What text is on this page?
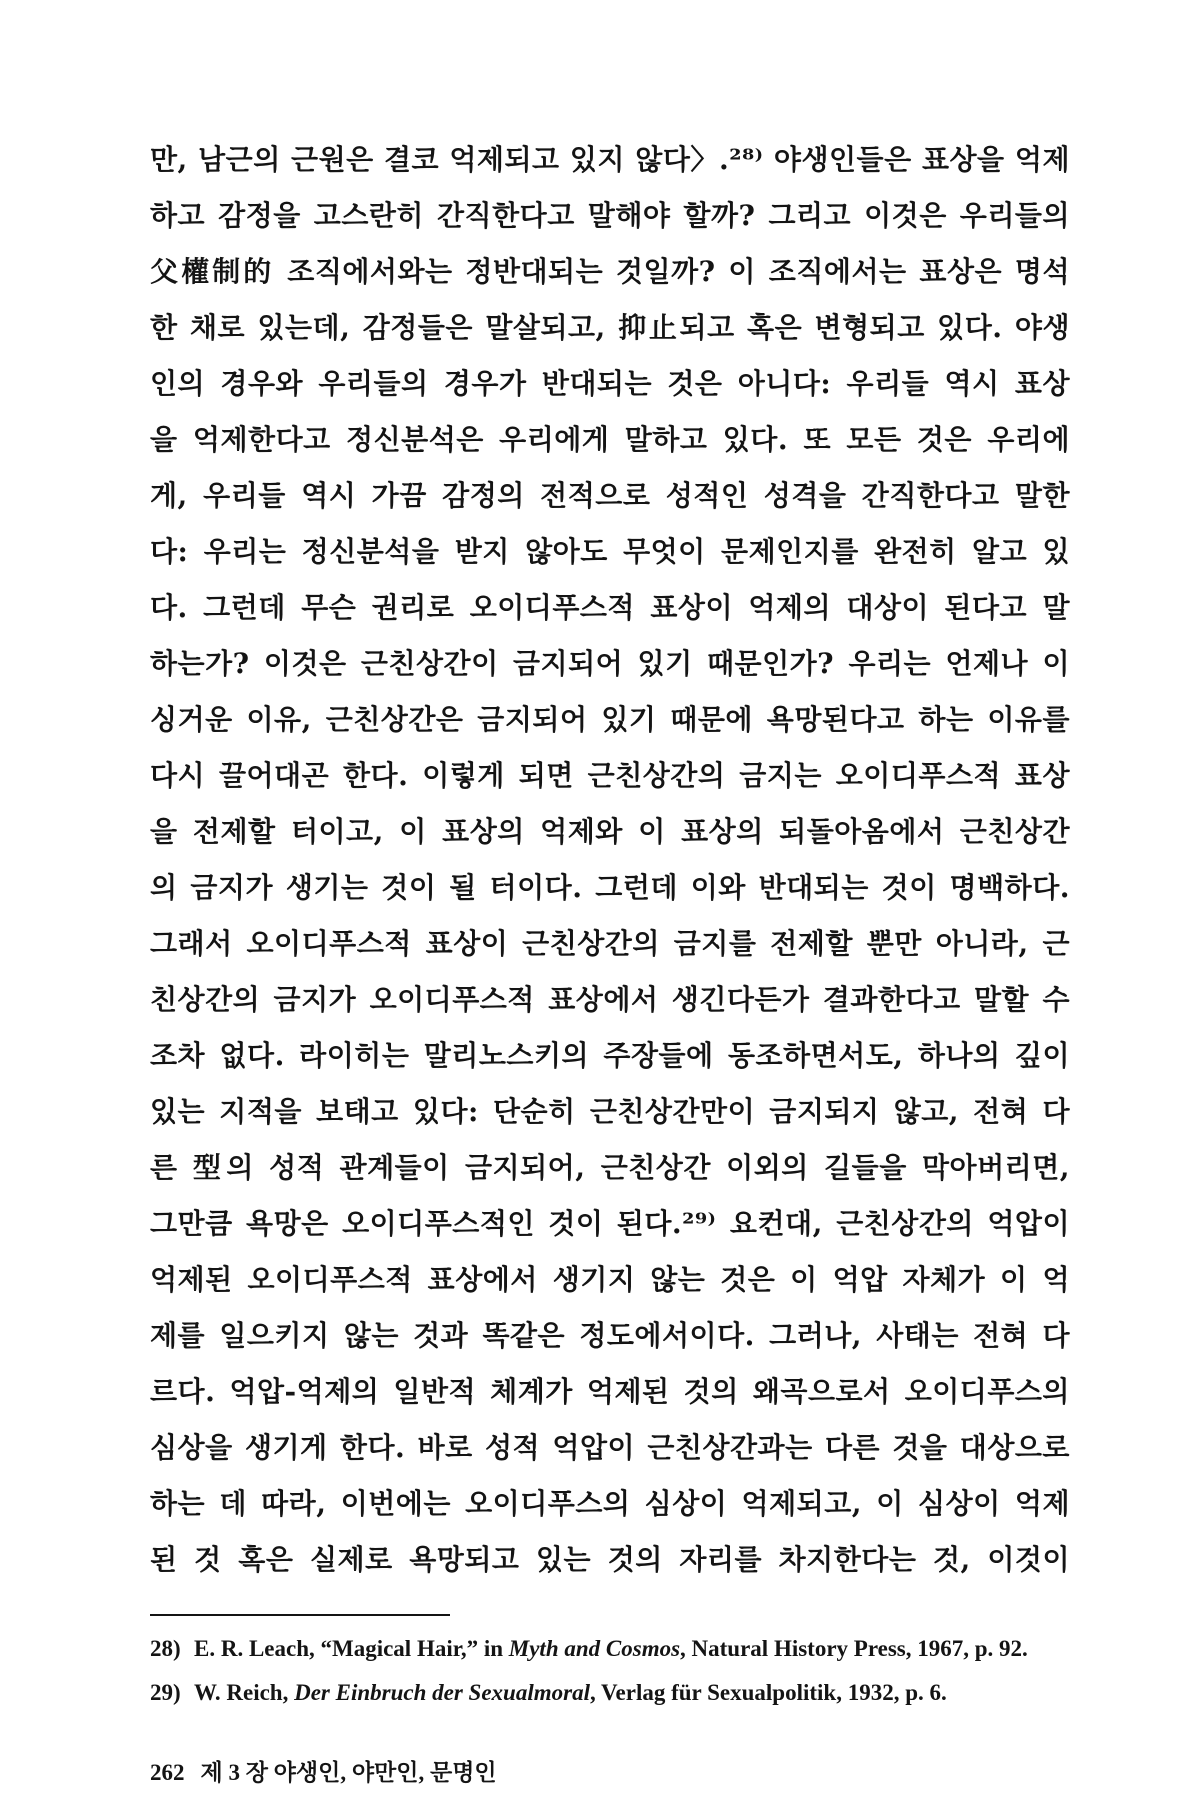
만, 남근의 근원은 결코 억제되고 있지 않다〉.²⁸⁾ 야생인들은 표상을 억제
하고 감정을 고스란히 간직한다고 말해야 할까? 그리고 이것은 우리들의
父權制的 조직에서와는 정반대되는 것일까? 이 조직에서는 표상은 명석
한 채로 있는데, 감정들은 말살되고, 抑止되고 혹은 변형되고 있다. 야생
인의 경우와 우리들의 경우가 반대되는 것은 아니다: 우리들 역시 표상
을 억제한다고 정신분석은 우리에게 말하고 있다. 또 모든 것은 우리에
게, 우리들 역시 가끔 감정의 전적으로 성적인 성격을 간직한다고 말한
다: 우리는 정신분석을 받지 않아도 무엇이 문제인지를 완전히 알고 있
다. 그런데 무슨 권리로 오이디푸스적 표상이 억제의 대상이 된다고 말
하는가? 이것은 근친상간이 금지되어 있기 때문인가? 우리는 언제나 이
싱거운 이유, 근친상간은 금지되어 있기 때문에 욕망된다고 하는 이유를
다시 끌어대곤 한다. 이렇게 되면 근친상간의 금지는 오이디푸스적 표상
을 전제할 터이고, 이 표상의 억제와 이 표상의 되돌아옴에서 근친상간
의 금지가 생기는 것이 될 터이다. 그런데 이와 반대되는 것이 명백하다.
그래서 오이디푸스적 표상이 근친상간의 금지를 전제할 뿐만 아니라, 근
친상간의 금지가 오이디푸스적 표상에서 생긴다든가 결과한다고 말할 수
조차 없다. 라이히는 말리노스키의 주장들에 동조하면서도, 하나의 깊이
있는 지적을 보태고 있다: 단순히 근친상간만이 금지되지 않고, 전혀 다
른 型의 성적 관계들이 금지되어, 근친상간 이외의 길들을 막아버리면,
그만큼 욕망은 오이디푸스적인 것이 된다.²⁹⁾ 요컨대, 근친상간의 억압이
억제된 오이디푸스적 표상에서 생기지 않는 것은 이 억압 자체가 이 억
제를 일으키지 않는 것과 똑같은 정도에서이다. 그러나, 사태는 전혀 다
르다. 억압-억제의 일반적 체계가 억제된 것의 왜곡으로서 오이디푸스의
심상을 생기게 한다. 바로 성적 억압이 근친상간과는 다른 것을 대상으로
하는 데 따라, 이번에는 오이디푸스의 심상이 억제되고, 이 심상이 억제
된 것 혹은 실제로 욕망되고 있는 것의 자리를 차지한다는 것, 이것이

28) E. R. Leach, “Magical Hair,” in Myth and Cosmos, Natural History Press, 1967, p. 92.

29) W. Reich, Der Einbruch der Sexualmoral, Verlag für Sexualpolitik, 1932, p. 6.

262 제 3 장 야생인, 야만인, 문명인
